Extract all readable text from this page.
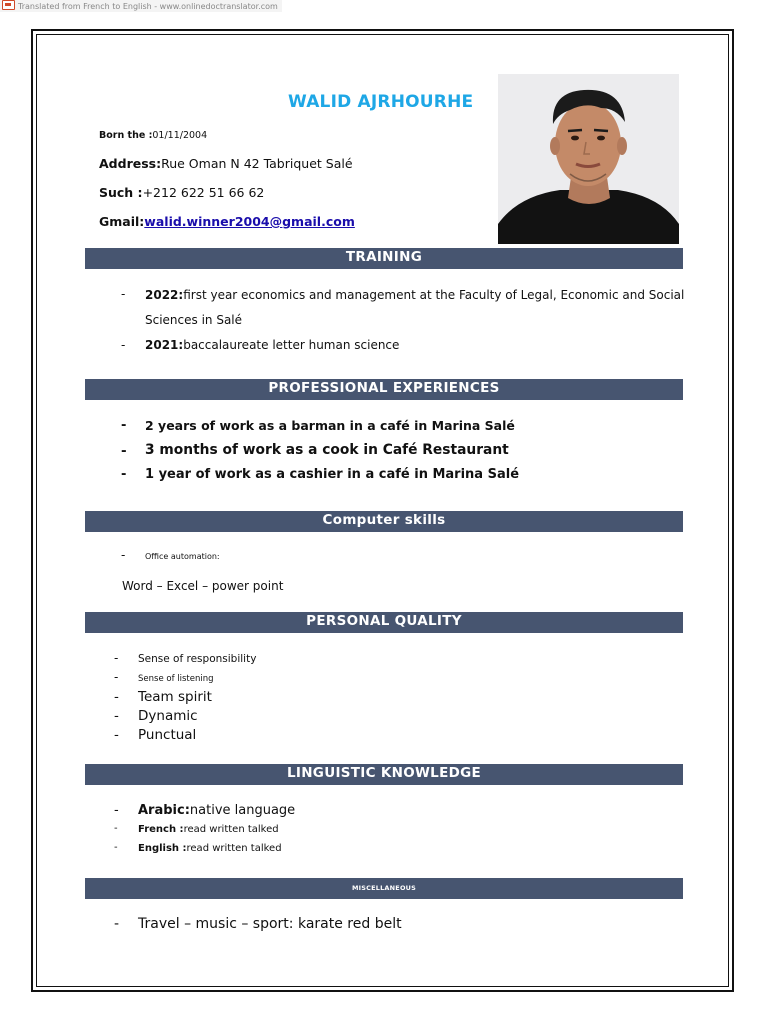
Translated from French to English - www.onlinedoctranslator.com
WALID AJRHOURHE
Born the :01/11/2004
Address:Rue Oman N 42 Tabriquet Salé
Such :+212 622 51 66 62
Gmail:walid.winner2004@gmail.com
TRAINING
- 2022:first year economics and management at the Faculty of Legal, Economic and Social
Sciences in Salé
- 2021:baccalaureate letter human science
PROFESSIONAL EXPERIENCES
- 2 years of work as a barman in a café in Marina Salé
- 3 months of work as a cook in Café Restaurant
- 1 year of work as a cashier in a café in Marina Salé
Computer skills
- Office automation:
Word – Excel – power point
PERSONAL QUALITY
- Sense of responsibility
- Sense of listening
- Team spirit
- Dynamic
- Punctual
LINGUISTIC KNOWLEDGE
- Arabic:native language
- French :read written talked
- English :read written talked
MISCELLANEOUS
- Travel – music – sport: karate red belt
